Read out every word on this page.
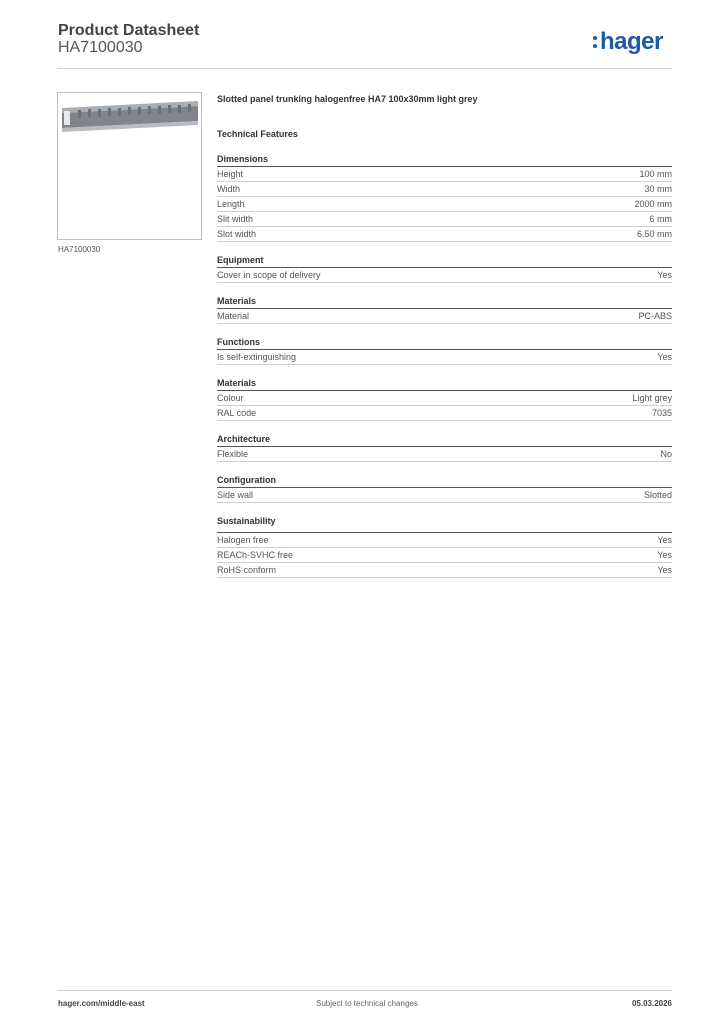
Product Datasheet
HA7100030	hager
HA7100030
Slotted panel trunking halogenfree HA7 100x30mm light grey
Technical Features
Dimensions
Height	100 mm
Width	30 mm
Length	2000 mm
Slit width	6 mm
Slot width	6.50 mm
Equipment
Cover in scope of delivery	Yes
Materials
Material	PC-ABS
Functions
Is self-extinguishing	Yes
Materials
Colour	Light grey
RAL code	7035
Architecture
Flexible	No
Configuration
Side wall	Slotted
Sustainability
Halogen free	Yes
REACh-SVHC free	Yes
RoHS conform	Yes
hager.com/middle-east	Subject to technical changes	05.03.2026
